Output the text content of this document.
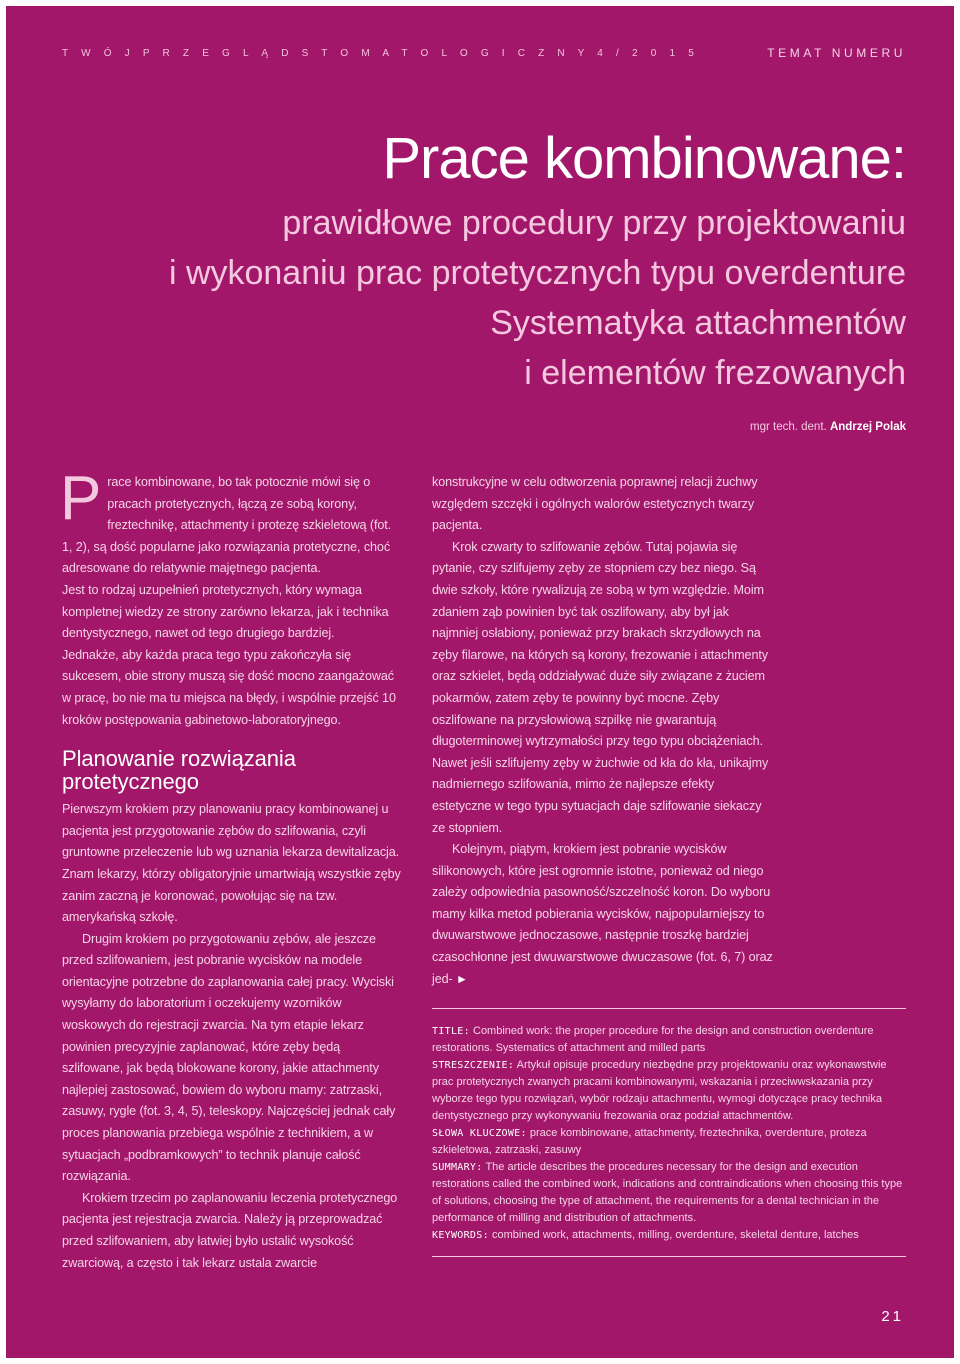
T W Ó J P R Z E G L Ą D S T O M A T O L O G I C Z N Y 4 / 2 0 1 5	TEMAT NUMERU
Prace kombinowane:
prawidłowe procedury przy projektowaniu
i wykonaniu prac protetycznych typu overdenture
Systematyka attachmentów
i elementów frezowanych
mgr tech. dent. Andrzej Polak

Prace kombinowane, bo tak potocznie mówi się o pracach protetycznych, łączą ze sobą korony, freztechnikę, attachmenty i protezę szkieletową (fot. 1, 2), są dość popularne jako rozwiązania protetyczne, choć adresowane do relatywnie majętnego pacjenta.

Jest to rodzaj uzupełnień protetycznych, który wymaga kompletnej wiedzy ze strony zarówno lekarza, jak i technika dentystycznego, nawet od tego drugiego bardziej.

Jednakże, aby każda praca tego typu zakończyła się sukcesem, obie strony muszą się dość mocno zaangażować w pracę, bo nie ma tu miejsca na błędy, i wspólnie przejść 10 kroków postępowania gabinetowo-laboratoryjnego.

Planowanie rozwiązania protetycznego

Pierwszym krokiem przy planowaniu pracy kombinowanej u pacjenta jest przygotowanie zębów do szlifowania, czyli gruntowne przeleczenie lub wg uznania lekarza dewitalizacja. Znam lekarzy, którzy obligatoryjnie umartwiają wszystkie zęby zanim zaczną je koronować, powołując się na tzw. amerykańską szkołę.

Drugim krokiem po przygotowaniu zębów, ale jeszcze przed szlifowaniem, jest pobranie wycisków na modele orientacyjne potrzebne do zaplanowania całej pracy. Wyciski wysyłamy do laboratorium i oczekujemy wzorników woskowych do rejestracji zwarcia. Na tym etapie lekarz powinien precyzyjnie zaplanować, które zęby będą szlifowane, jak będą blokowane korony, jakie attachmenty najlepiej zastosować, bowiem do wyboru mamy: zatrzaski, zasuwy, rygle (fot. 3, 4, 5), teleskopy. Najczęściej jednak cały proces planowania przebiega wspólnie z technikiem, a w sytuacjach „podbramkowych” to technik planuje całość rozwiązania.

Krokiem trzecim po zaplanowaniu leczenia protetycznego pacjenta jest rejestracja zwarcia. Należy ją przeprowadzać przed szlifowaniem, aby łatwiej było ustalić wysokość zwarciową, a często i tak lekarz ustala zwarcie

konstrukcyjne w celu odtworzenia poprawnej relacji żuchwy względem szczęki i ogólnych walorów estetycznych twarzy pacjenta.

Krok czwarty to szlifowanie zębów. Tutaj pojawia się pytanie, czy szlifujemy zęby ze stopniem czy bez niego. Są dwie szkoły, które rywalizują ze sobą w tym względzie. Moim zdaniem ząb powinien być tak oszlifowany, aby był jak najmniej osłabiony, ponieważ przy brakach skrzydłowych na zęby filarowe, na których są korony, frezowanie i attachmenty oraz szkielet, będą oddziaływać duże siły związane z żuciem pokarmów, zatem zęby te powinny być mocne. Zęby oszlifowane na przysłowiową szpilkę nie gwarantują długoterminowej wytrzymałości przy tego typu obciążeniach. Nawet jeśli szlifujemy zęby w żuchwie od kła do kła, unikajmy nadmiernego szlifowania, mimo że najlepsze efekty estetyczne w tego typu sytuacjach daje szlifowanie siekaczy ze stopniem.

Kolejnym, piątym, krokiem jest pobranie wycisków silikonowych, które jest ogromnie istotne, ponieważ od niego zależy odpowiednia pasowność/szczelność koron. Do wyboru mamy kilka metod pobierania wycisków, najpopularniejszy to dwuwarstwowe jednoczasowe, następnie troszkę bardziej czasochłonne jest dwuwarstwowe dwuczasowe (fot. 6, 7) oraz jed- ►

TITLE: Combined work: the proper procedure for the design and construction overdenture restorations. Systematics of attachment and milled parts

STRESZCZENIE: Artykuł opisuje procedury niezbędne przy projektowaniu oraz wykonawstwie prac protetycznych zwanych pracami kombinowanymi, wskazania i przeciwwskazania przy wyborze tego typu rozwiązań, wybór rodzaju attachmentu, wymogi dotyczące pracy technika dentystycznego przy wykonywaniu frezowania oraz podział attachmentów.

SŁOWA KLUCZOWE: prace kombinowane, attachmenty, freztechnika, overdenture, proteza szkieletowa, zatrzaski, zasuwy

SUMMARY: The article describes the procedures necessary for the design and execution restorations called the combined work, indications and contraindications when choosing this type of solutions, choosing the type of attachment, the requirements for a dental technician in the performance of milling and distribution of attachments.

KEYWORDS: combined work, attachments, milling, overdenture, skeletal denture, latches

21
